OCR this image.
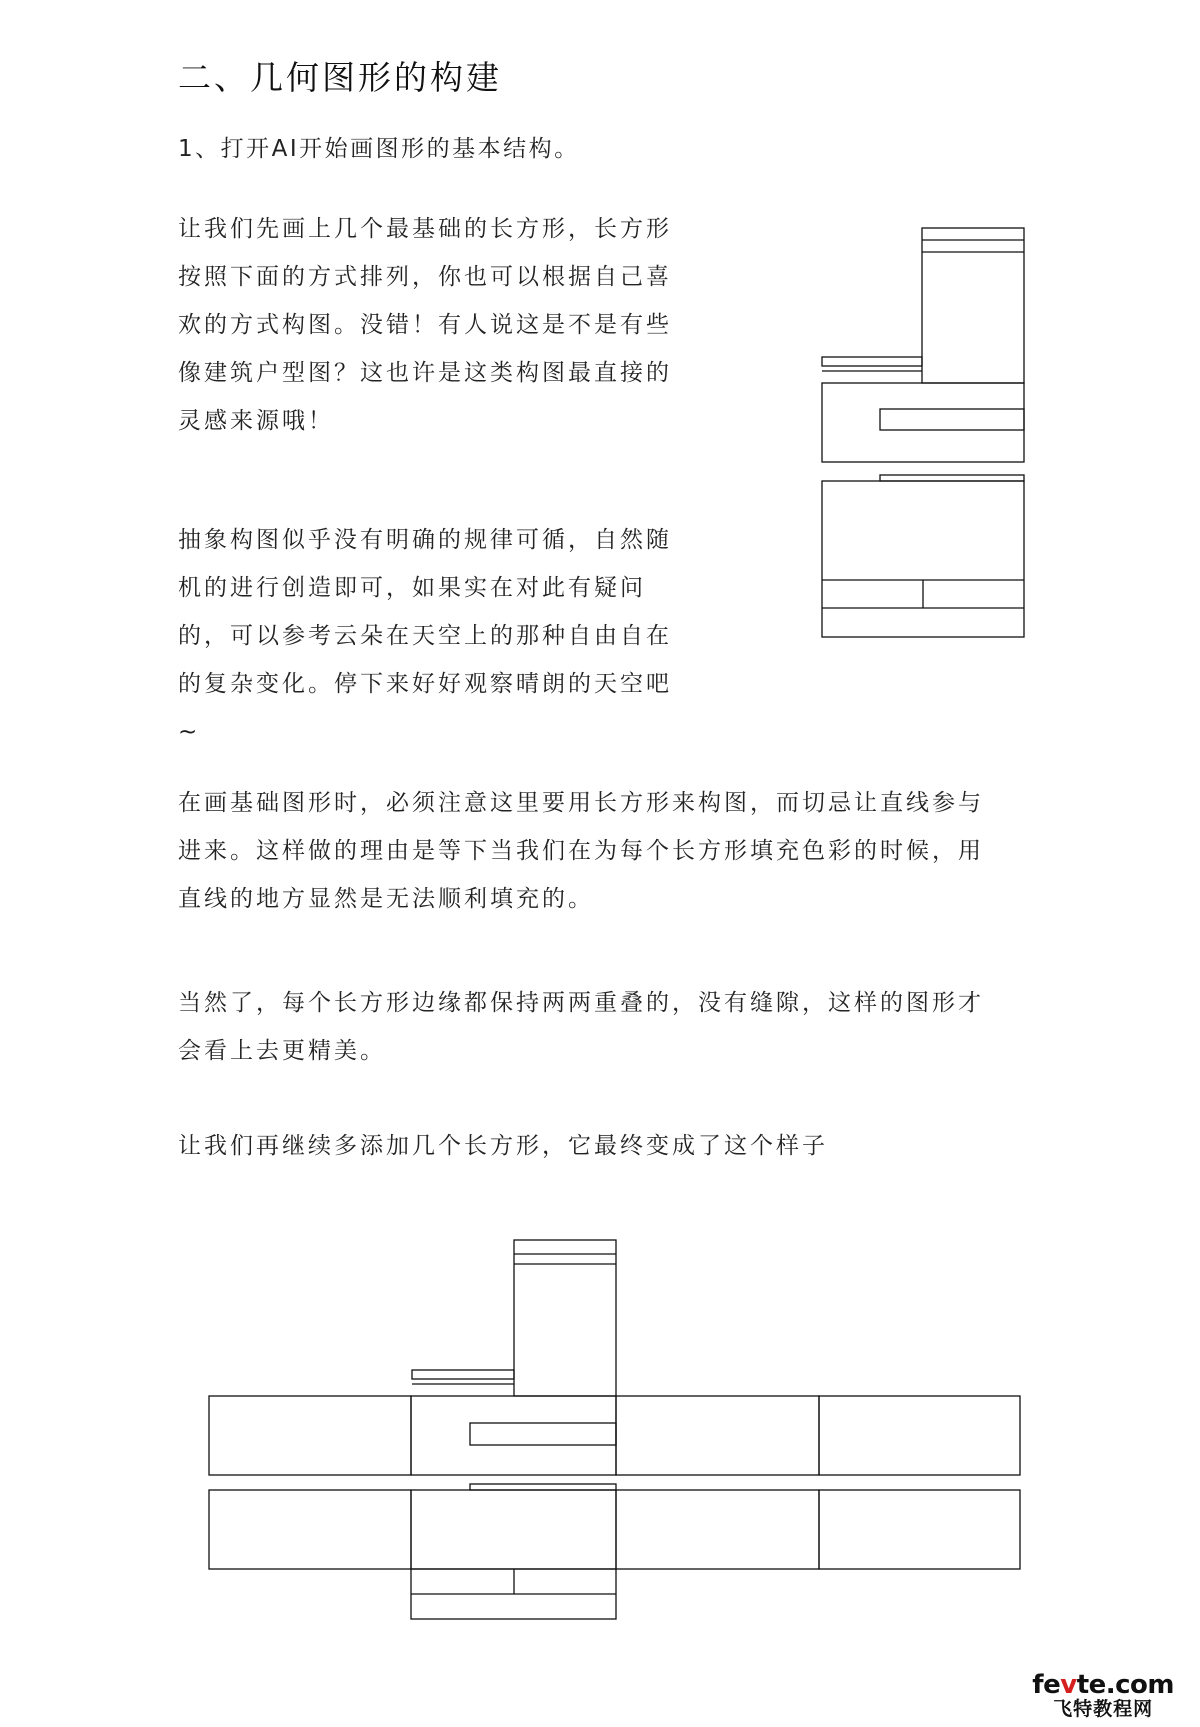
二、几何图形的构建
1、打开AI开始画图形的基本结构。

让我们先画上几个最基础的长方形，长方形按照下面的方式排列，你也可以根据自己喜欢的方式构图。没错！有人说这是不是有些像建筑户型图？这也许是这类构图最直接的灵感来源哦！

抽象构图似乎没有明确的规律可循，自然随机的进行创造即可，如果实在对此有疑问的，可以参考云朵在天空上的那种自由自在的复杂变化。停下来好好观察晴朗的天空吧~

在画基础图形时，必须注意这里要用长方形来构图，而切忌让直线参与进来。这样做的理由是等下当我们在为每个长方形填充色彩的时候，用直线的地方显然是无法顺利填充的。

当然了，每个长方形边缘都保持两两重叠的，没有缝隙，这样的图形才会看上去更精美。

让我们再继续多添加几个长方形，它最终变成了这个样子

fevte.com
飞特教程网
